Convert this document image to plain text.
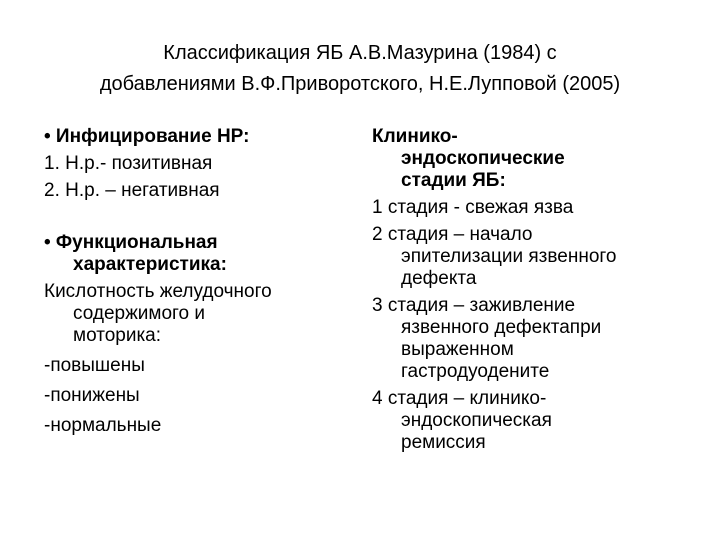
Классификация ЯБ А.В.Мазурина (1984) с
добавлениями В.Ф.Приворотского, Н.Е.Лупповой (2005)
• Инфицирование НР:
1. Н.р.- позитивная
2. Н.р. – негативная
• Функциональная
характеристика:
Кислотность желудочного
содержимого и
моторика:
-повышены
-понижены
-нормальные
Клинико-
эндоскопические
стадии ЯБ:
1 стадия - свежая язва
2 стадия – начало
эпителизации язвенного
дефекта
3 стадия – заживление
язвенного дефектапри
выраженном
гастродуодените
4 стадия – клинико-
эндоскопическая
ремиссия
